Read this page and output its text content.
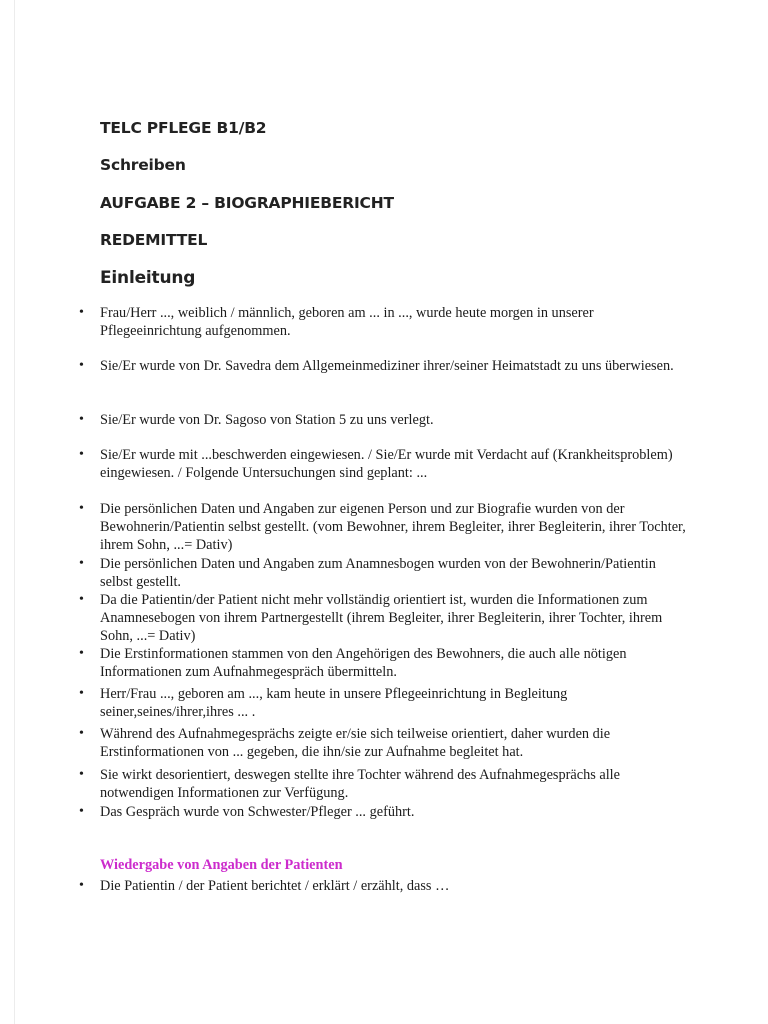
TELC PFLEGE B1/B2
Schreiben
AUFGABE 2 – BIOGRAPHIEBERICHT
REDEMITTEL
Einleitung
• Frau/Herr ..., weiblich / männlich, geboren am ... in ..., wurde heute morgen in unserer Pflegeeinrichtung aufgenommen.
• Sie/Er wurde von Dr. Savedra dem Allgemeinmediziner ihrer/seiner Heimatstadt zu uns überwiesen.
• Sie/Er wurde von Dr. Sagoso von Station 5 zu uns verlegt.
• Sie/Er wurde mit ...beschwerden eingewiesen. / Sie/Er wurde mit Verdacht auf (Krankheitsproblem) eingewiesen. / Folgende Untersuchungen sind geplant: ...
• Die persönlichen Daten und Angaben zur eigenen Person und zur Biografie wurden von der Bewohnerin/Patientin selbst gestellt. (vom Bewohner, ihrem Begleiter, ihrer Begleiterin, ihrer Tochter, ihrem Sohn, ...= Dativ)
• Die persönlichen Daten und Angaben zum Anamnesbogen wurden von der Bewohnerin/Patientin selbst gestellt.
• Da die Patientin/der Patient nicht mehr vollständig orientiert ist, wurden die Informationen zum Anamnesebogen von ihrem Partnergestellt (ihrem Begleiter, ihrer Begleiterin, ihrer Tochter, ihrem Sohn, ...= Dativ)
• Die Erstinformationen stammen von den Angehörigen des Bewohners, die auch alle nötigen Informationen zum Aufnahmegespräch übermitteln.
• Herr/Frau ..., geboren am ..., kam heute in unsere Pflegeeinrichtung in Begleitung seiner,seines/ihrer,ihres ... .
• Während des Aufnahmegesprächs zeigte er/sie sich teilweise orientiert, daher wurden die Erstinformationen von ... gegeben, die ihn/sie zur Aufnahme begleitet hat.
• Sie wirkt desorientiert, deswegen stellte ihre Tochter während des Aufnahmegesprächs alle notwendigen Informationen zur Verfügung.
• Das Gespräch wurde von Schwester/Pfleger ... geführt.
Wiedergabe von Angaben der Patienten
• Die Patientin / der Patient berichtet / erklärt / erzählt, dass …
